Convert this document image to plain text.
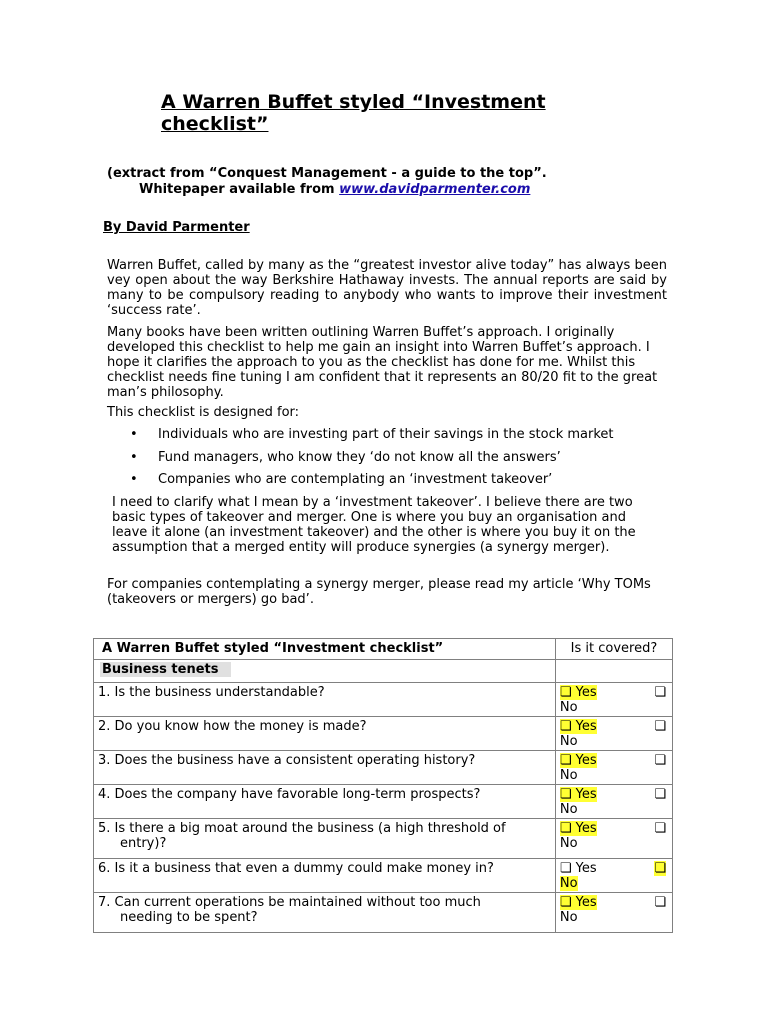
A Warren Buffet styled “Investment checklist”
(extract from “Conquest Management - a guide to the top”.
Whitepaper available from www.davidparmenter.com
By David Parmenter

Warren Buffet, called by many as the “greatest investor alive today” has always been vey open about the way Berkshire Hathaway invests. The annual reports are said by many to be compulsory reading to anybody who wants to improve their investment ‘success rate’.

Many books have been written outlining Warren Buffet’s approach. I originally developed this checklist to help me gain an insight into Warren Buffet’s approach. I hope it clarifies the approach to you as the checklist has done for me. Whilst this checklist needs fine tuning I am confident that it represents an 80/20 fit to the great man’s philosophy.

This checklist is designed for:

•	Individuals who are investing part of their savings in the stock market
•	Fund managers, who know they ‘do not know all the answers’
•	Companies who are contemplating an ‘investment takeover’

I need to clarify what I mean by a ‘investment takeover’. I believe there are two basic types of takeover and merger. One is where you buy an organisation and leave it alone (an investment takeover) and the other is where you buy it on the assumption that a merged entity will produce synergies (a synergy merger).

For companies contemplating a synergy merger, please read my article ‘Why TOMs (takeovers or mergers) go bad’.

A Warren Buffet styled “Investment checklist”	Is it covered?
Business tenets	
1. Is the business understandable?	❏ Yes ❏
No

2. Do you know how the money is made?	❏ Yes ❏
No

3. Does the business have a consistent operating history?	❏ Yes ❏
No

4. Does the company have favorable long-term prospects?	❏ Yes ❏
No

5. Is there a big moat around the business (a high threshold of
entry)?	❏ Yes ❏
No

6. Is it a business that even a dummy could make money in?	❏ Yes ❏
No

7. Can current operations be maintained without too much
needing to be spent?	❏ Yes ❏
No
